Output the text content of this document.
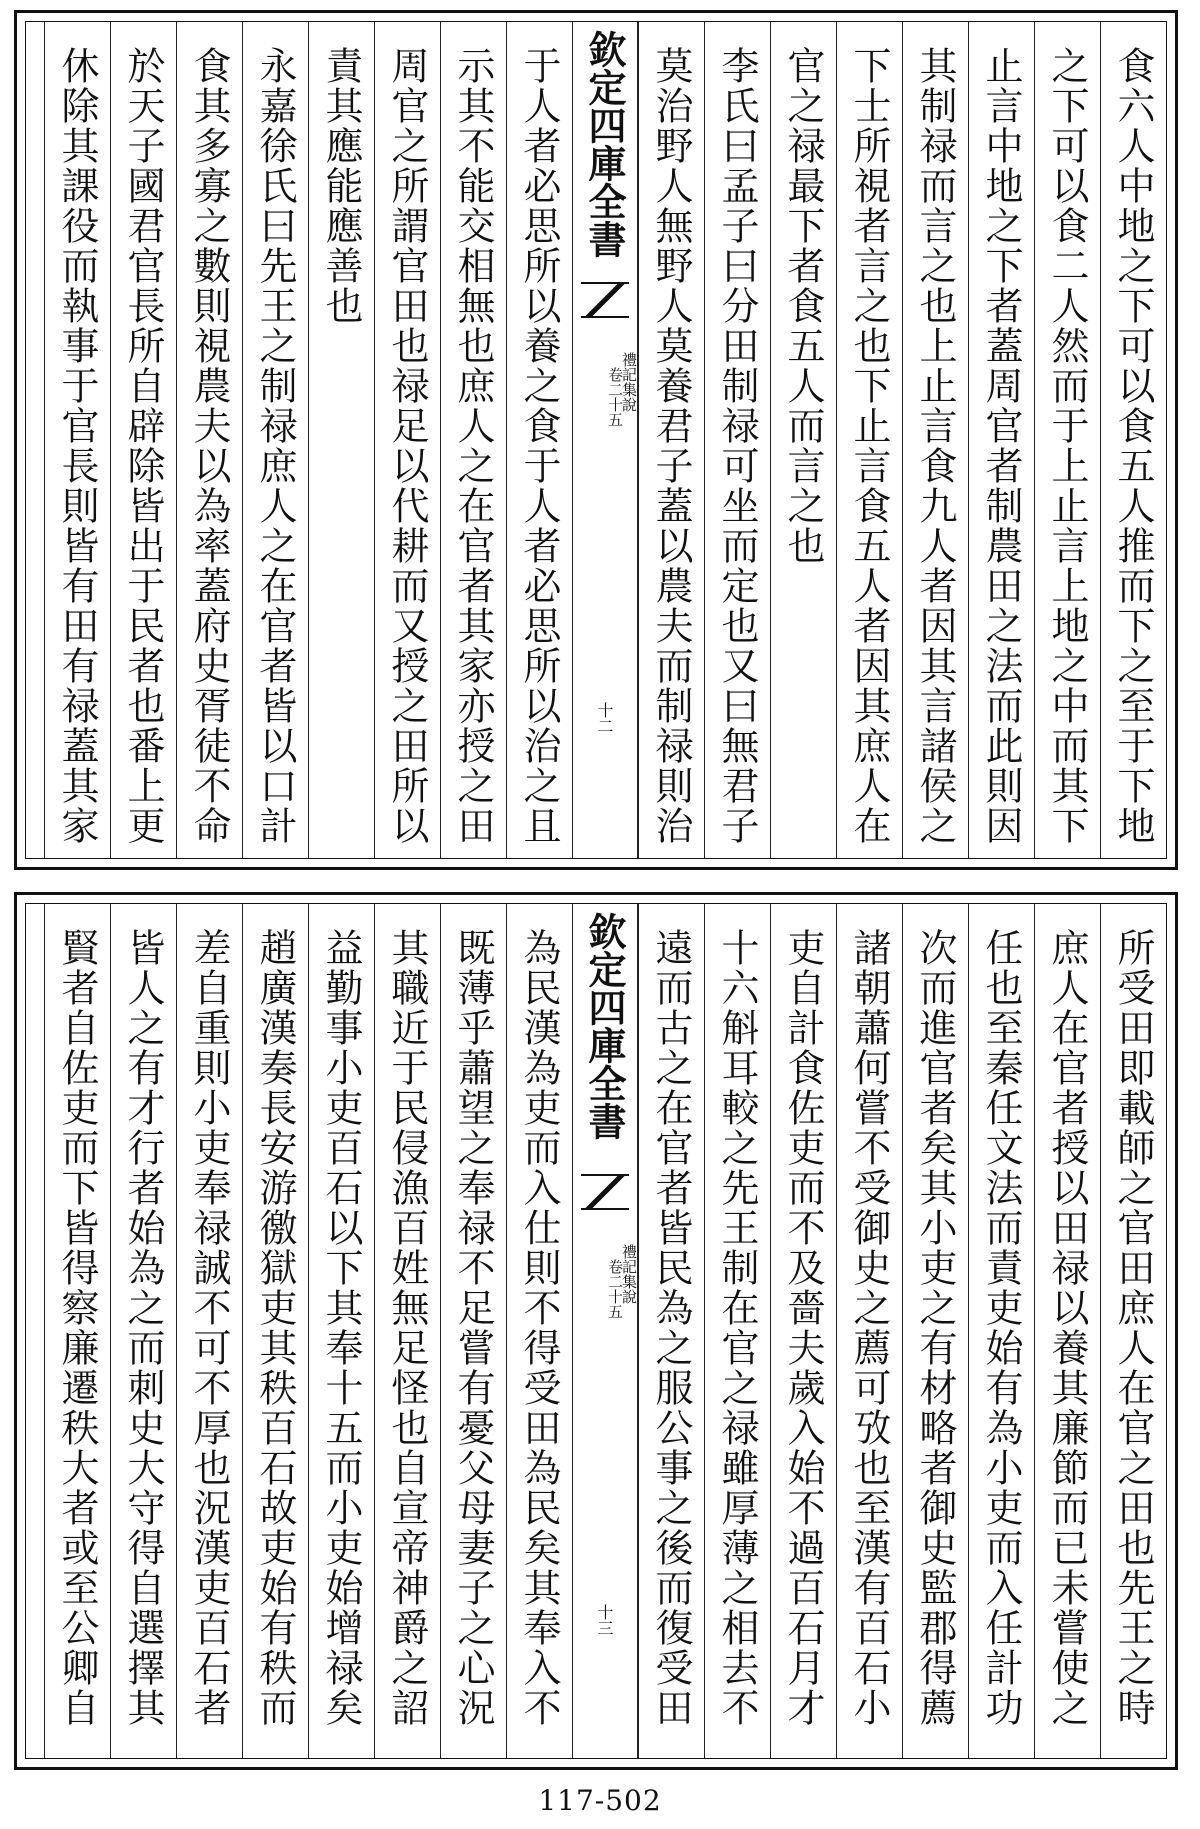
食六人中地之下可以食五人推而下之至于下地
之下可以食二人然而于上止言上地之中而其下
止言中地之下者蓋周官者制農田之法而此則因
其制禄而言之也上止言食九人者因其言諸侯之
下士所視者言之也下止言食五人者因其庶人在
官之禄最下者食五人而言之也
李氏曰孟子曰分田制禄可坐而定也又曰無君子
莫治野人無野人莫養君子蓋以農夫而制禄則治
欽定四庫全書
禮記集說
卷二十五
十二
于人者必思所以養之食于人者必思所以治之且
示其不能交相無也庶人之在官者其家亦授之田
周官之所謂官田也禄足以代耕而又授之田所以
責其應能應善也
永嘉徐氏曰先王之制禄庶人之在官者皆以口計
食其多寡之數則視農夫以為率蓋府史胥徒不命
於天子國君官長所自辟除皆出于民者也番上更
休除其課役而執事于官長則皆有田有禄蓋其家
所受田即載師之官田庶人在官之田也先王之時
庶人在官者授以田禄以養其廉節而已未嘗使之
任也至秦任文法而責吏始有為小吏而入任計功
次而進官者矣其小吏之有材略者御史監郡得薦
諸朝蕭何嘗不受御史之薦可攷也至漢有百石小
吏自計食佐吏而不及嗇夫歲入始不過百石月才
十六斛耳較之先王制在官之禄雖厚薄之相去不
遠而古之在官者皆民為之服公事之後而復受田
欽定四庫全書
禮記集說
卷二十五
十三
為民漢為吏而入仕則不得受田為民矣其奉入不
既薄乎蕭望之奉禄不足嘗有憂父母妻子之心況
其職近于民侵漁百姓無足怪也自宣帝神爵之詔
益勤事小吏百石以下其奉十五而小吏始增禄矣
趙廣漢奏長安游徼獄吏其秩百石故吏始有秩而
差自重則小吏奉禄誠不可不厚也況漢吏百石者
皆人之有才行者始為之而刺史大守得自選擇其
賢者自佐吏而下皆得察廉遷秩大者或至公卿自
117-502
